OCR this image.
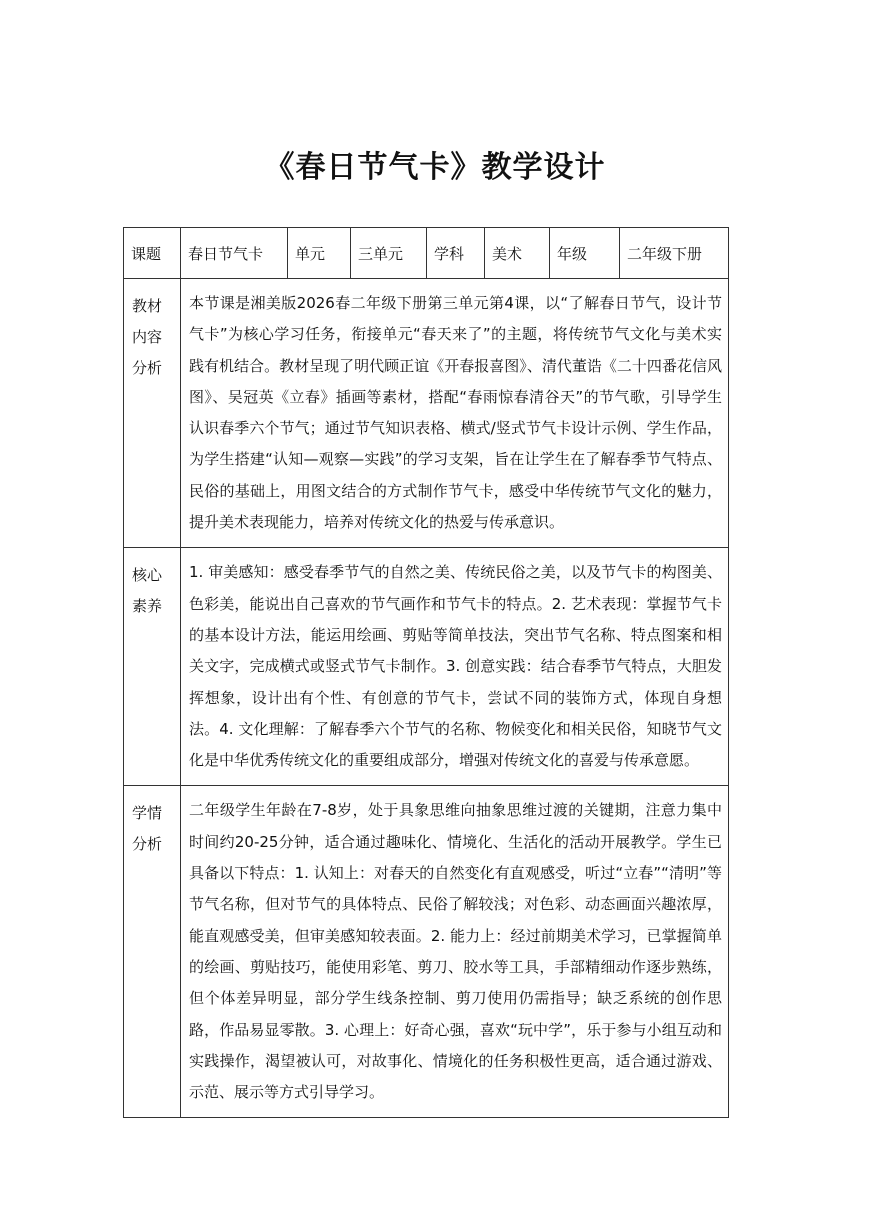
《春日节气卡》教学设计
课题	春日节气卡	单元	三单元	学科	美术	年级	二年级下册
教材内容分析	本节课是湘美版2026春二年级下册第三单元第4课，以“了解春日节气，设计节气卡”为核心学习任务，衔接单元“春天来了”的主题，将传统节气文化与美术实践有机结合。教材呈现了明代顾正谊《开春报喜图》、清代董诰《二十四番花信风图》、吴冠英《立春》插画等素材，搭配“春雨惊春清谷天”的节气歌，引导学生认识春季六个节气；通过节气知识表格、横式/竖式节气卡设计示例、学生作品，为学生搭建“认知—观察—实践”的学习支架，旨在让学生在了解春季节气特点、民俗的基础上，用图文结合的方式制作节气卡，感受中华传统节气文化的魅力，提升美术表现能力，培养对传统文化的热爱与传承意识。						
核心素养	1. 审美感知：感受春季节气的自然之美、传统民俗之美，以及节气卡的构图美、色彩美，能说出自己喜欢的节气画作和节气卡的特点。2. 艺术表现：掌握节气卡的基本设计方法，能运用绘画、剪贴等简单技法，突出节气名称、特点图案和相关文字，完成横式或竖式节气卡制作。3. 创意实践：结合春季节气特点，大胆发挥想象，设计出有个性、有创意的节气卡，尝试不同的装饰方式，体现自身想法。4. 文化理解：了解春季六个节气的名称、物候变化和相关民俗，知晓节气文化是中华优秀传统文化的重要组成部分，增强对传统文化的喜爱与传承意愿。						
学情分析	二年级学生年龄在7-8岁，处于具象思维向抽象思维过渡的关键期，注意力集中时间约20-25分钟，适合通过趣味化、情境化、生活化的活动开展教学。学生已具备以下特点：1. 认知上：对春天的自然变化有直观感受，听过“立春”“清明”等节气名称，但对节气的具体特点、民俗了解较浅；对色彩、动态画面兴趣浓厚，能直观感受美，但审美感知较表面。2. 能力上：经过前期美术学习，已掌握简单的绘画、剪贴技巧，能使用彩笔、剪刀、胶水等工具，手部精细动作逐步熟练，但个体差异明显，部分学生线条控制、剪刀使用仍需指导；缺乏系统的创作思路，作品易显零散。3. 心理上：好奇心强，喜欢“玩中学”，乐于参与小组互动和实践操作，渴望被认可，对故事化、情境化的任务积极性更高，适合通过游戏、示范、展示等方式引导学习。						
